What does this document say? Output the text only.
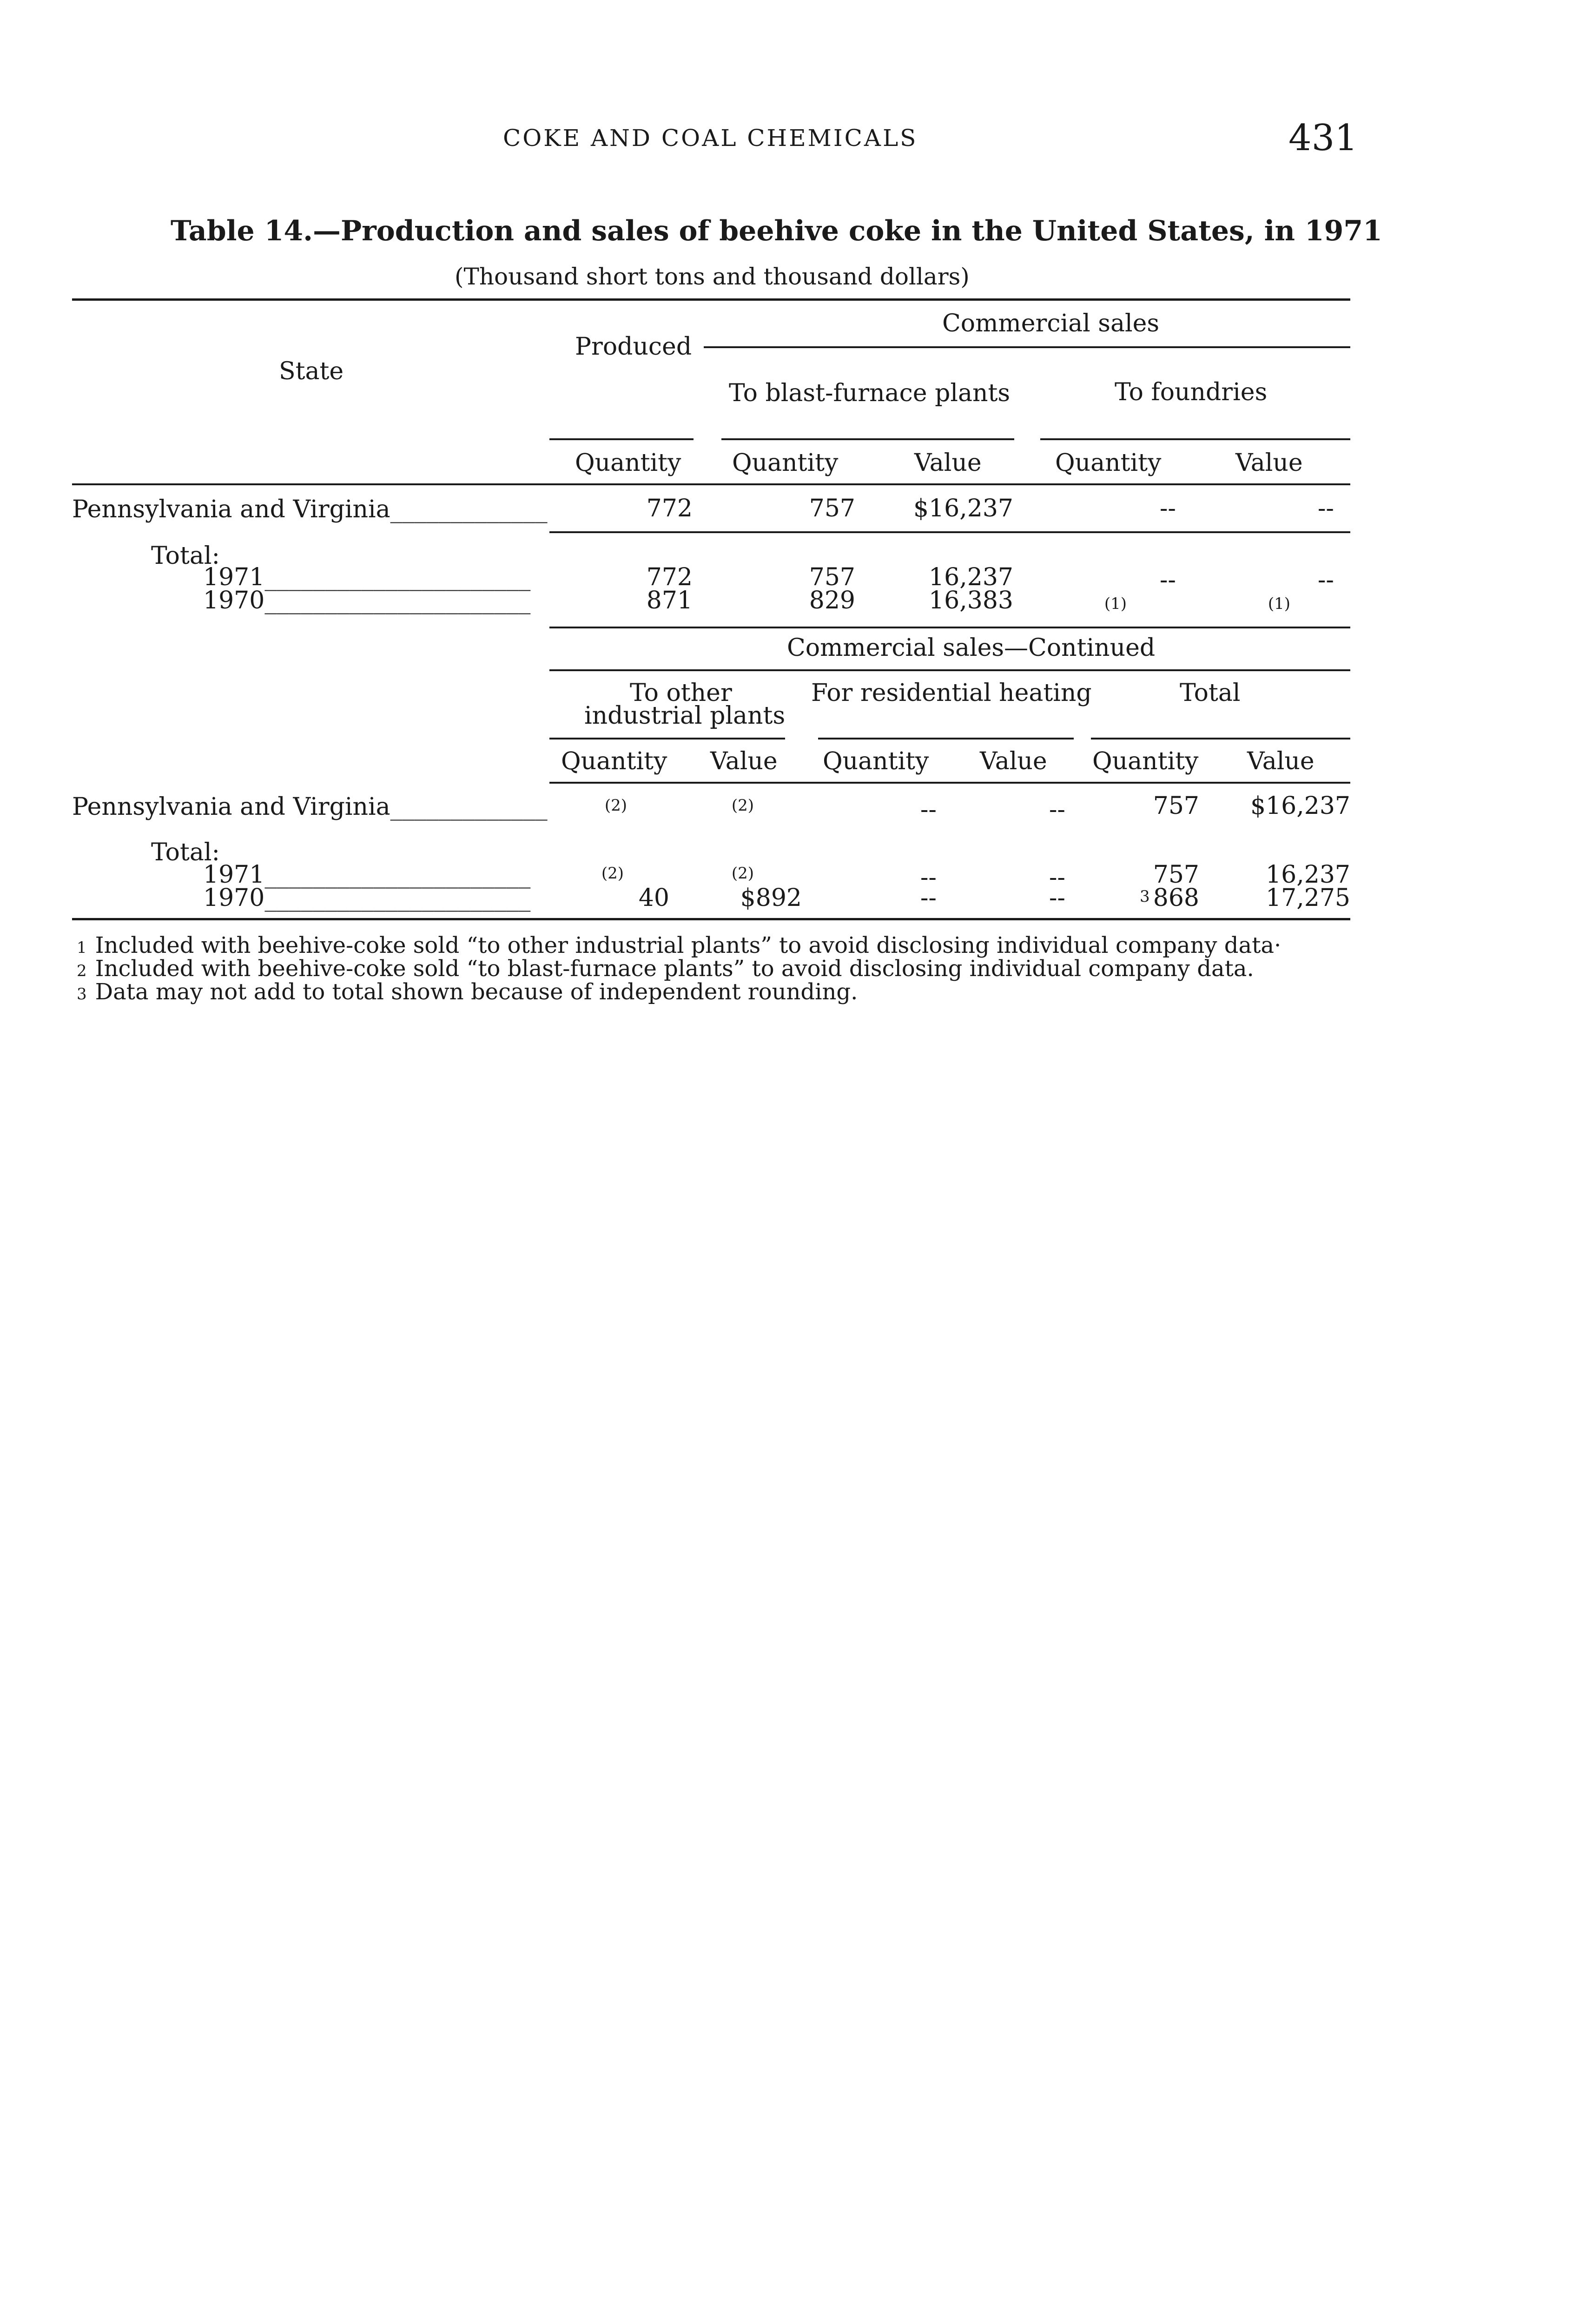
COKE AND COAL CHEMICALS	431
Table 14.—Production and sales of beehive coke in the United States, in 1971
(Thousand short tons and thousand dollars)
State
Produced
Commercial sales
To blast-furnace plants	To foundries
Quantity Quantity	Value	Quantity	Value
Pennsylvania and Virginia_____________	772	757	$16,237	--	--
Total:
1971______________________	772	757	16,237	--	--
1970______________________	871	829	16,383	(1)	(1)
Commercial sales—Continued
To other
industrial plants
For residential heating	Total
Quantity Value Quantity Value Quantity Value
Pennsylvania and Virginia_____________	(2)	(2)	--	--	757	$16,237
Total:
1971______________________	(2)	(2)	--	--	757	16,237
1970______________________	40	$892	--	--	3 868	17,275
1 Included with beehive-coke sold “to other industrial plants” to avoid disclosing individual company data·
2 Included with beehive-coke sold “to blast-furnace plants” to avoid disclosing individual company data.
3 Data may not add to total shown because of independent rounding.
